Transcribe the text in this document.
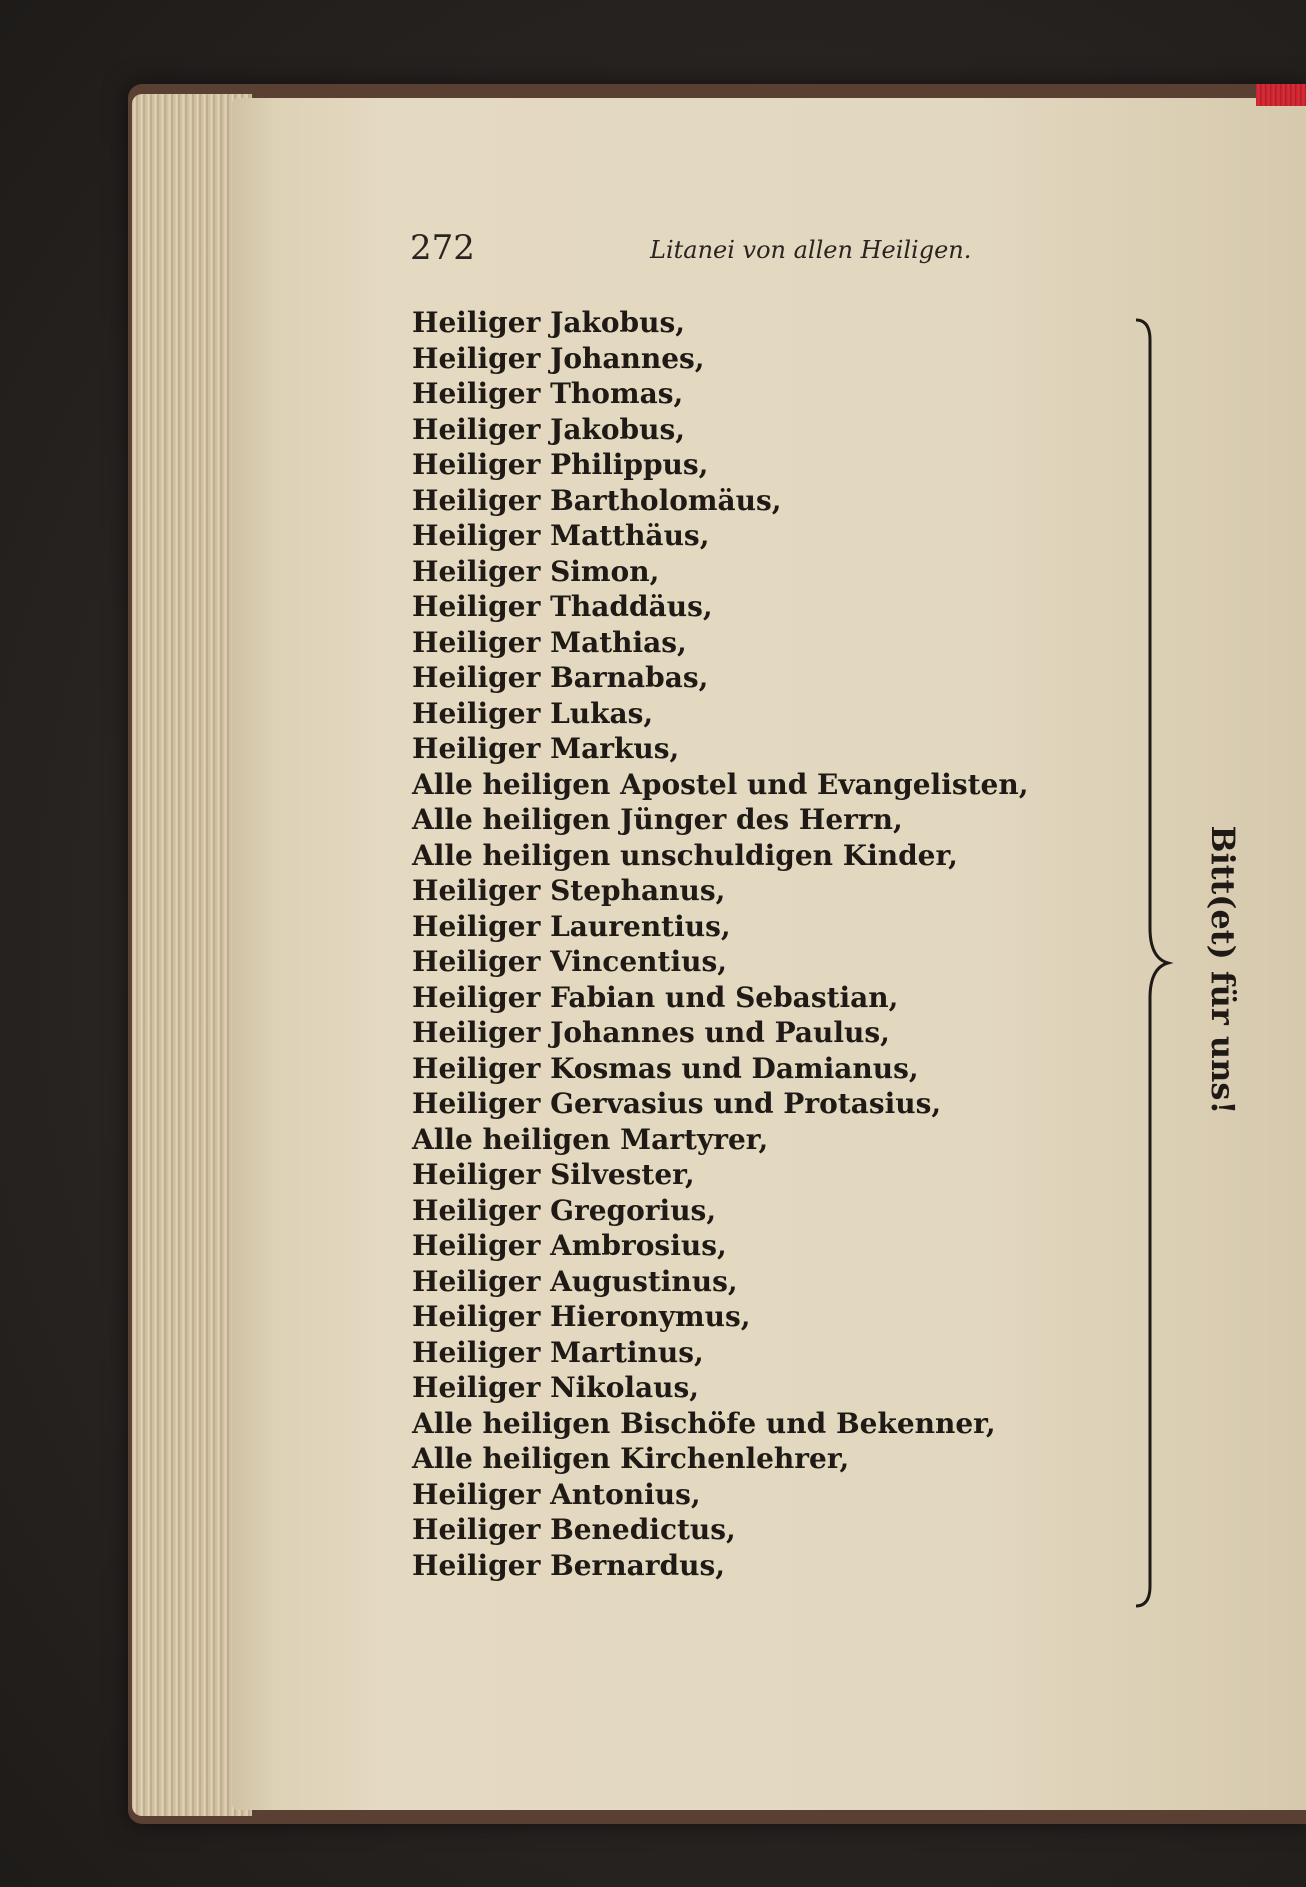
272	Litanei von allen Heiligen.
Heiliger Jakobus,
Heiliger Johannes,
Heiliger Thomas,
Heiliger Jakobus,
Heiliger Philippus,
Heiliger Bartholomäus,
Heiliger Matthäus,
Heiliger Simon,
Heiliger Thaddäus,
Heiliger Mathias,
Heiliger Barnabas,
Heiliger Lukas,
Heiliger Markus,
Alle heiligen Apostel und Evangelisten,
Alle heiligen Jünger des Herrn,
Alle heiligen unschuldigen Kinder,
Heiliger Stephanus,
Heiliger Laurentius,
Heiliger Vincentius,
Heiliger Fabian und Sebastian,
Heiliger Johannes und Paulus,
Heiliger Kosmas und Damianus,
Heiliger Gervasius und Protasius,
Alle heiligen Martyrer,
Heiliger Silvester,
Heiliger Gregorius,
Heiliger Ambrosius,
Heiliger Augustinus,
Heiliger Hieronymus,
Heiliger Martinus,
Heiliger Nikolaus,
Alle heiligen Bischöfe und Bekenner,
Alle heiligen Kirchenlehrer,
Heiliger Antonius,
Heiliger Benedictus,
Heiliger Bernardus,
Bitt(et) für uns!
